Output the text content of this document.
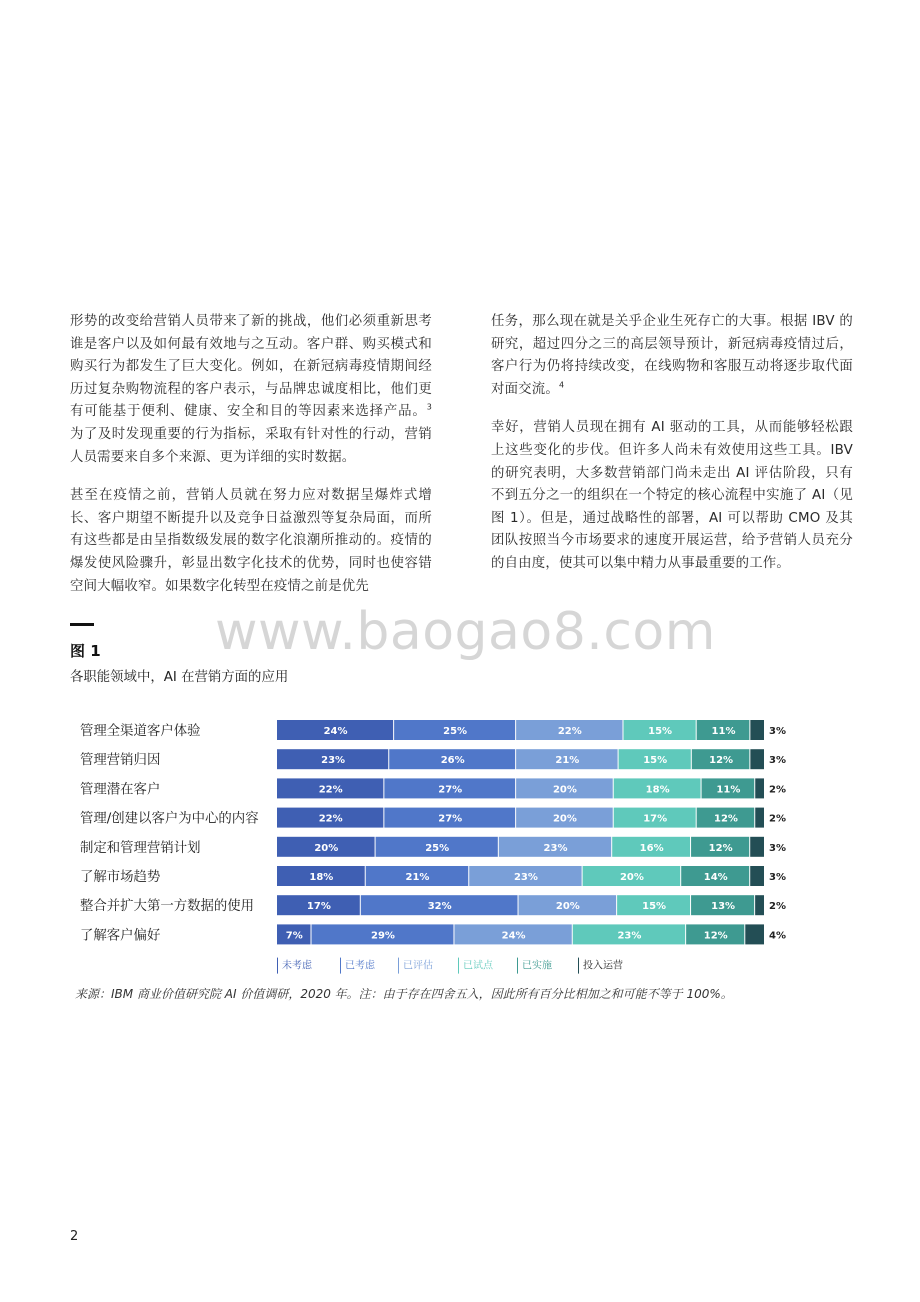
形势的改变给营销人员带来了新的挑战，他们必须重新思考谁是客户以及如何最有效地与之互动。客户群、购买模式和购买行为都发生了巨大变化。例如，在新冠病毒疫情期间经历过复杂购物流程的客户表示，与品牌忠诚度相比，他们更有可能基于便利、健康、安全和目的等因素来选择产品。$^3$ 为了及时发现重要的行为指标，采取有针对性的行动，营销人员需要来自多个来源、更为详细的实时数据。

甚至在疫情之前，营销人员就在努力应对数据呈爆炸式增长、客户期望不断提升以及竞争日益激烈等复杂局面，而所有这些都是由呈指数级发展的数字化浪潮所推动的。疫情的爆发使风险骤升，彰显出数字化技术的优势，同时也使容错空间大幅收窄。如果数字化转型在疫情之前是优先

任务，那么现在就是关乎企业生死存亡的大事。根据 IBV 的研究，超过四分之三的高层领导预计，新冠病毒疫情过后，客户行为仍将持续改变，在线购物和客服互动将逐步取代面对面交流。$^4$

幸好，营销人员现在拥有 AI 驱动的工具，从而能够轻松跟上这些变化的步伐。但许多人尚未有效使用这些工具。IBV 的研究表明，大多数营销部门尚未走出 AI 评估阶段，只有不到五分之一的组织在一个特定的核心流程中实施了 AI（见图 1）。但是，通过战略性的部署，AI 可以帮助 CMO 及其团队按照当今市场要求的速度开展运营，给予营销人员充分的自由度，使其可以集中精力从事最重要的工作。

www.baogao8.com
图 1
各职能领域中，AI 在营销方面的应用
管理全渠道客户体验	24%	25%	22%	15%	11%	3%
管理营销归因	23%	26%	21%	15%	12%	3%
管理潜在客户	22%	27%	20%	18%	11%	2%
管理/创建以客户为中心的内容	22%	27%	20%	17%	12%	2%
制定和管理营销计划	20%	25%	23%	16%	12%	3%
了解市场趋势	18%	21%	23%	20%	14%	3%
整合并扩大第一方数据的使用	17%	32%	20%	15%	13%	2%
了解客户偏好	7%	29%	24%	23%	12%	4%
未考虑	已考虑	已评估	已试点	已实施	投入运营
来源：IBM 商业价值研究院 AI 价值调研，2020 年。注：由于存在四舍五入，因此所有百分比相加之和可能不等于 100%。
2
